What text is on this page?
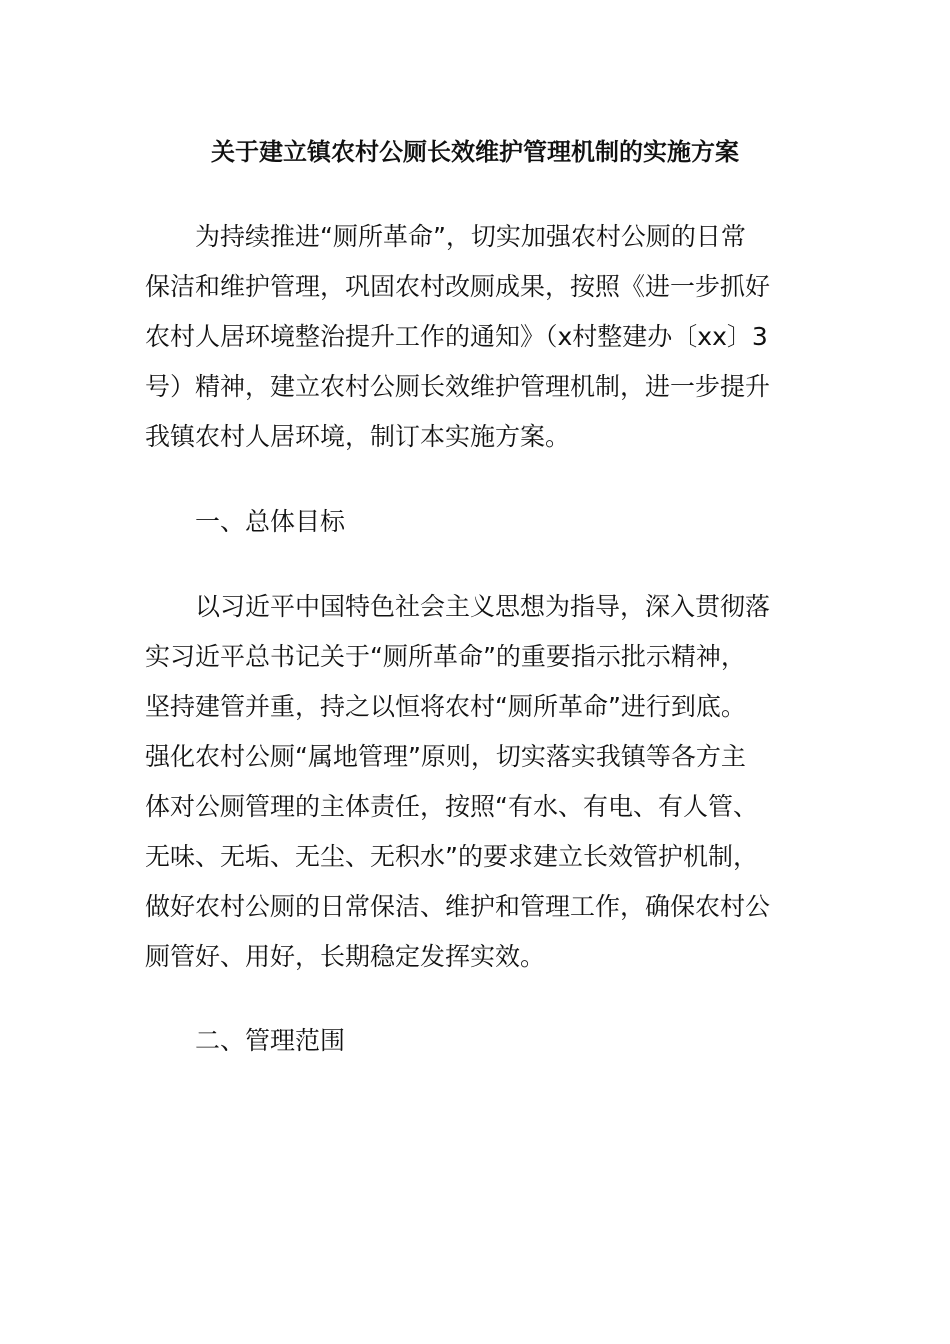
关于建立镇农村公厕长效维护管理机制的实施方案
为持续推进“厕所革命”，切实加强农村公厕的日常
保洁和维护管理，巩固农村改厕成果，按照《进一步抓好
农村人居环境整治提升工作的通知》（x村整建办〔xx〕3
号）精神，建立农村公厕长效维护管理机制，进一步提升
我镇农村人居环境，制订本实施方案。
一、总体目标
以习近平中国特色社会主义思想为指导，深入贯彻落
实习近平总书记关于“厕所革命”的重要指示批示精神，
坚持建管并重，持之以恒将农村“厕所革命”进行到底。
强化农村公厕“属地管理”原则，切实落实我镇等各方主
体对公厕管理的主体责任，按照“有水、有电、有人管、
无味、无垢、无尘、无积水”的要求建立长效管护机制，
做好农村公厕的日常保洁、维护和管理工作，确保农村公
厕管好、用好，长期稳定发挥实效。
二、管理范围
